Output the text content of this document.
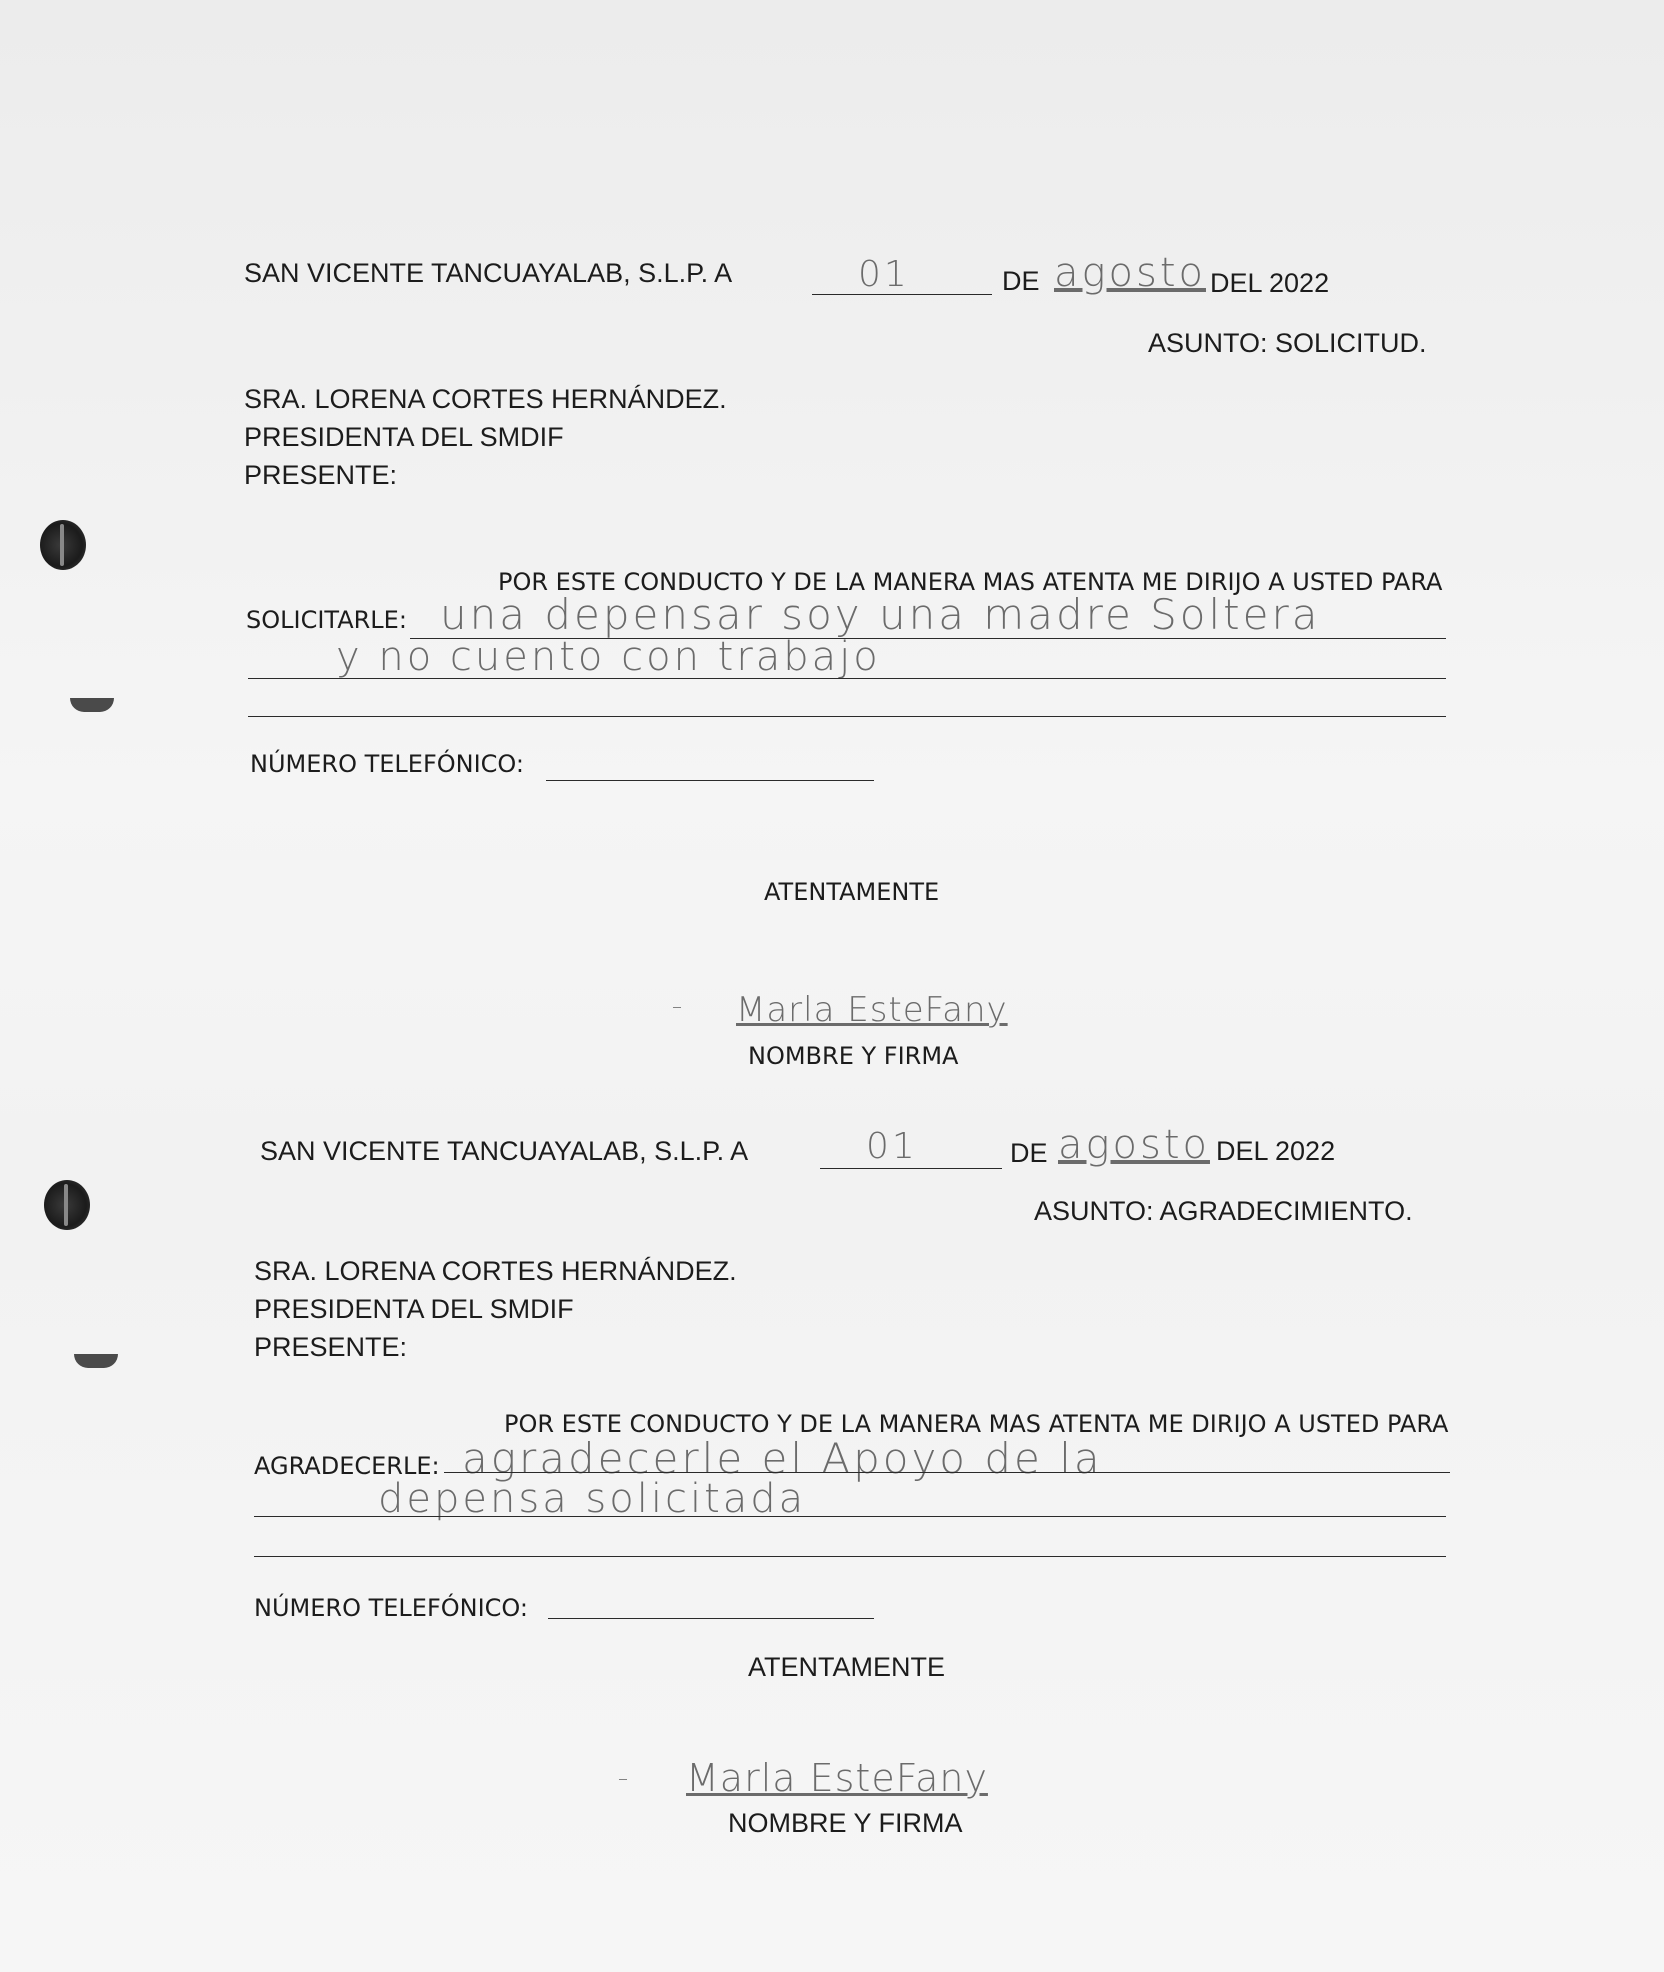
SAN VICENTE TANCUAYALAB, S.L.P. A	01	DE agosto DEL 2022
ASUNTO: SOLICITUD.
SRA. LORENA CORTES HERNÁNDEZ.
PRESIDENTA DEL SMDIF
PRESENTE:
POR ESTE CONDUCTO Y DE LA MANERA MAS ATENTA ME DIRIJO A USTED PARA
SOLICITARLE: una depensar soy una madre Soltera
y no cuento con trabajo
NÚMERO TELEFÓNICO:
ATENTAMENTE
– Marla EsteFany
NOMBRE Y FIRMA
SAN VICENTE TANCUAYALAB, S.L.P. A	01	DE agosto DEL 2022
ASUNTO: AGRADECIMIENTO.
SRA. LORENA CORTES HERNÁNDEZ.
PRESIDENTA DEL SMDIF
PRESENTE:
POR ESTE CONDUCTO Y DE LA MANERA MAS ATENTA ME DIRIJO A USTED PARA
AGRADECERLE: agradecerle el Apoyo de la
depensa solicitada
NÚMERO TELEFÓNICO:
ATENTAMENTE
– Marla EsteFany
NOMBRE Y FIRMA
